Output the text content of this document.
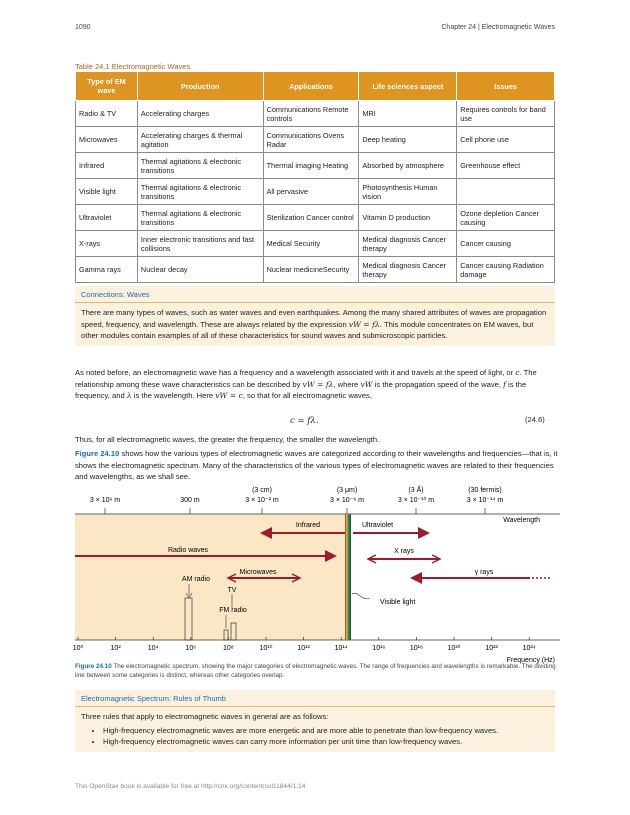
1090	Chapter 24 | Electromagnetic Waves
Table 24.1 Electromagnetic Waves
Type of EM wave	Production	Applications	Life sciences aspect	Issues
Radio & TV	Accelerating charges	Communications Remote controls	MRI	Requires controls for band use
Microwaves	Accelerating charges & thermal agitation	Communications Ovens Radar	Deep heating	Cell phone use
Infrared	Thermal agitations & electronic transitions	Thermal imaging Heating	Absorbed by atmosphere	Greenhouse effect
Visible light	Thermal agitations & electronic transitions	All pervasive	Photosynthesis Human vision	
Ultraviolet	Thermal agitations & electronic transitions	Sterilization Cancer control	Vitamin D production	Ozone depletion Cancer causing
X-rays	Inner electronic transitions and fast collisions	Medical Security	Medical diagnosis Cancer therapy	Cancer causing
Gamma rays	Nuclear decay	Nuclear medicineSecurity	Medical diagnosis Cancer therapy	Cancer causing Radiation damage
Connections: Waves
There are many types of waves, such as water waves and even earthquakes. Among the many shared attributes of waves are propagation speed, frequency, and wavelength. These are always related by the expression vW = fλ. This module concentrates on EM waves, but other modules contain examples of all of these characteristics for sound waves and submicroscopic particles.
As noted before, an electromagnetic wave has a frequency and a wavelength associated with it and travels at the speed of light, or c. The relationship among these wave characteristics can be described by vW = fλ, where vW is the propagation speed of the wave, f is the frequency, and λ is the wavelength. Here vW = c, so that for all electromagnetic waves,
c = fλ.	(24.6)
Thus, for all electromagnetic waves, the greater the frequency, the smaller the wavelength.
Figure 24.10 shows how the various types of electromagnetic waves are categorized according to their wavelengths and frequencies—that is, it shows the electromagnetic spectrum. Many of the characteristics of the various types of electromagnetic waves are related to their frequencies and wavelengths, as we shall see.
3 × 10⁶ m	300 m
(3 cm)
3 × 10⁻² m
(3 μm)
3 × 10⁻⁶ m
(3 Å)
3 × 10⁻¹⁰ m
(30 fermis)
3 × 10⁻¹⁴ m
10⁰	10²	10⁴	10⁶	10⁸	10¹⁰	10¹²	10¹⁴	10¹⁶	10¹⁸	10²⁰	10²²	10²⁴
Wavelength
Infrared	Ultraviolet
Radio waves	X rays
Microwaves	γ rays
AM radio
TV
FM radio
Visible light
Frequency (Hz)
Figure 24.10 The electromagnetic spectrum, showing the major categories of electromagnetic waves. The range of frequencies and wavelengths is remarkable. The dividing line between some categories is distinct, whereas other categories overlap.
Electromagnetic Spectrum: Rules of Thumb
Three rules that apply to electromagnetic waves in general are as follows:
• High-frequency electromagnetic waves are more energetic and are more able to penetrate than low-frequency waves.
• High-frequency electromagnetic waves can carry more information per unit time than low-frequency waves.
This OpenStax book is available for free at http://cnx.org/content/col11844/1.14
